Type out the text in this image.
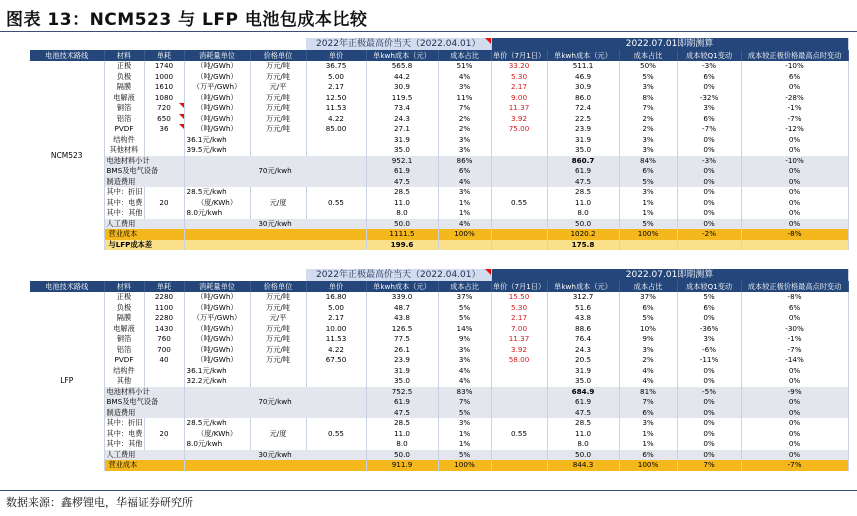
图表 13：NCM523 与 LFP 电池包成本比较
					2022年正极最高价当天（2022.04.01）			2022.07.01即期测算				
电池技术路线	材料	单耗	消耗量单位	价格单位	单价	单kwh成本（元）	成本占比	单价（7月1日）	单kwh成本（元）	成本占比	成本较Q1变动	成本较正极价格最高点时变动
NCM523	正极	1740	（吨/GWh）	万元/吨	36.75	565.8	51%	33.20	511.1	50%	-3%	-10%
	负极	1000	（吨/GWh）	万元/吨	5.00	44.2	4%	5.30	46.9	5%	6%	6%
	隔膜	1610	（万平/GWh）	元/平	2.17	30.9	3%	2.17	30.9	3%	0%	0%
	电解液	1080	（吨/GWh）	万元/吨	12.50	119.5	11%	9.00	86.0	8%	-32%	-28%
	铜箔	720	（吨/GWh）	万元/吨	11.53	73.4	7%	11.37	72.4	7%	3%	-1%
	铝箔	650	（吨/GWh）	万元/吨	4.22	24.3	2%	3.92	22.5	2%	6%	-7%
	PVDF	36	（吨/GWh）	万元/吨	85.00	27.1	2%	75.00	23.9	2%	-7%	-12%
	结构件		36.1元/kwh			31.9	3%		31.9	3%	0%	0%
	其他材料		39.5元/kwh			35.0	3%		35.0	3%	0%	0%
	电池材料小计					952.1	86%		860.7	84%	-3%	-10%
	BMS及电气设备		70元/kwh			61.9	6%		61.9	6%	0%	0%
	制造费用					47.5	4%		47.5	5%	0%	0%
	其中：折旧		28.5元/kwh			28.5	3%		28.5	3%	0%	0%
	其中：电费	20	（度/KWh）	元/度	0.55	11.0	1%	0.55	11.0	1%	0%	0%
	其中：其他		8.0元/kwh			8.0	1%		8.0	1%	0%	0%
	人工费用		30元/kwh			50.0	4%		50.0	5%	0%	0%
	营业成本					1111.5	100%		1020.2	100%	-2%	-8%
	与LFP成本差					199.6			175.8			
					2022年正极最高价当天（2022.04.01）			2022.07.01即期测算				
电池技术路线	材料	单耗	消耗量单位	价格单位	单价	单kwh成本（元）	成本占比	单价（7月1日）	单kwh成本（元）	成本占比	成本较Q1变动	成本较正极价格最高点时变动
LFP	正极	2280	（吨/GWh）	万元/吨	16.80	339.0	37%	15.50	312.7	37%	5%	-8%
	负极	1100	（吨/GWh）	万元/吨	5.00	48.7	5%	5.30	51.6	6%	6%	6%
	隔膜	2280	（万平/GWh）	元/平	2.17	43.8	5%	2.17	43.8	5%	0%	0%
	电解液	1430	（吨/GWh）	万元/吨	10.00	126.5	14%	7.00	88.6	10%	-36%	-30%
	铜箔	760	（吨/GWh）	万元/吨	11.53	77.5	9%	11.37	76.4	9%	3%	-1%
	铝箔	700	（吨/GWh）	万元/吨	4.22	26.1	3%	3.92	24.3	3%	-6%	-7%
	PVDF	40	（吨/GWh）	万元/吨	67.50	23.9	3%	58.00	20.5	2%	-11%	-14%
	结构件		36.1元/kwh			31.9	4%		31.9	4%	0%	0%
	其他		32.2元/kwh			35.0	4%		35.0	4%	0%	0%
	电池材料小计					752.5	83%		684.9	81%	-5%	-9%
	BMS及电气设备		70元/kwh			61.9	7%		61.9	7%	0%	0%
	制造费用					47.5	5%		47.5	6%	0%	0%
	其中：折旧		28.5元/kwh			28.5	3%		28.5	3%	0%	0%
	其中：电费	20	（度/KWh）	元/度	0.55	11.0	1%	0.55	11.0	1%	0%	0%
	其中：其他		8.0元/kwh			8.0	1%		8.0	1%	0%	0%
	人工费用		30元/kwh			50.0	5%		50.0	6%	0%	0%
	营业成本					911.9	100%		844.3	100%	7%	-7%
数据来源：鑫椤锂电，华福证券研究所
